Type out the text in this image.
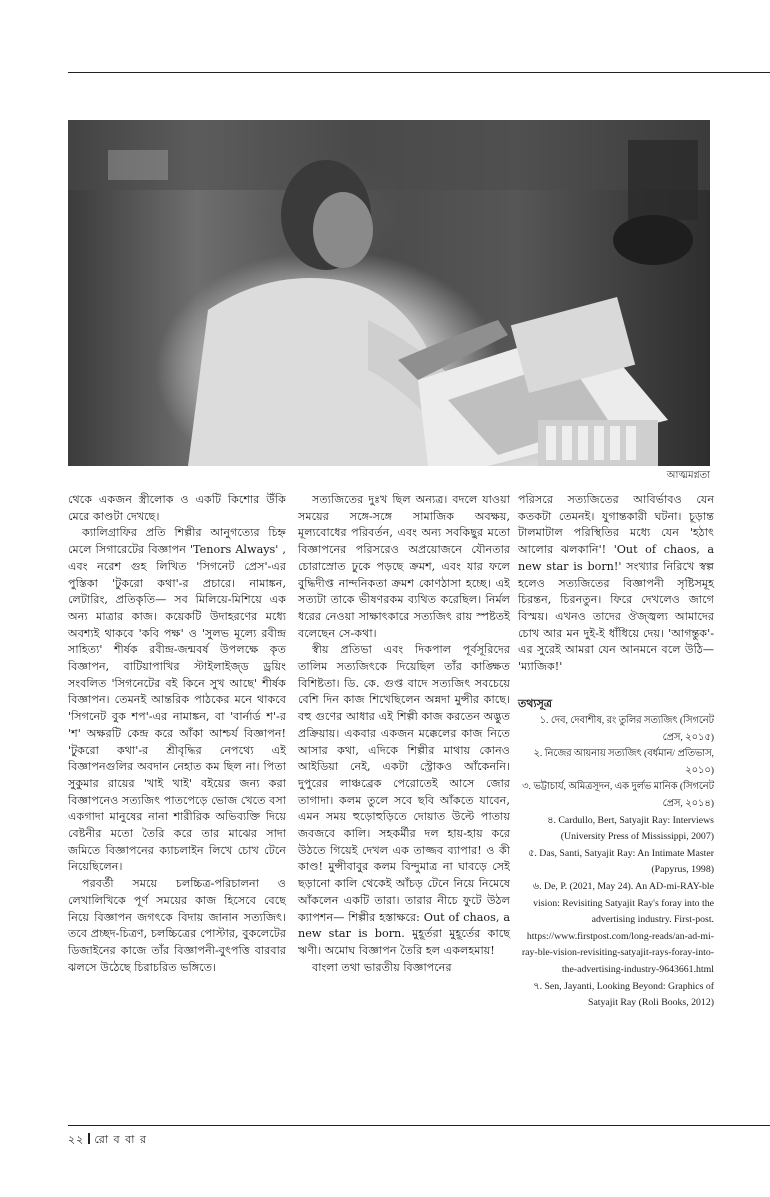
আত্মমগ্নতা

থেকে একজন স্ত্রীলোক ও একটি কিশোর উঁকি মেরে কাণ্ডটা দেখছে।

ক্যালিগ্রাফির প্রতি শিল্পীর আনুগত্যের চিহ্ন মেলে সিগারেটের বিজ্ঞাপন 'Tenors Always' , এবং নরেশ গুহ লিখিত 'সিগনেট প্রেস'-এর পুস্তিকা 'টুকরো কথা'-র প্রচারে। নামাঙ্কন, লেটারিং, প্রতিকৃতি— সব মিলিয়ে-মিশিয়ে এক অন্য মাত্রার কাজ। কয়েকটি উদাহরণের মধ্যে অবশ্যই থাকবে 'কবি পক্ষ' ও 'সুলভ মূল্যে রবীন্দ্র সাহিত্য' শীর্ষক রবীন্দ্র-জন্মবর্ষ উপলক্ষে কৃত বিজ্ঞাপন, বাটিয়াপাখির স্টাইলাইজ্‌ড ড্রয়িং সংবলিত 'সিগনেটের বই কিনে সুখ আছে' শীর্ষক বিজ্ঞাপন। তেমনই আন্তরিক পাঠকের মনে থাকবে 'সিগনেট বুক শপ'-এর নামাঙ্কন, বা 'বার্নার্ড শ'-র 'শ' অক্ষরটি কেন্দ্র করে আঁকা আশ্চর্য বিজ্ঞাপন! 'টুকরো কথা'-র শ্রীবৃদ্ধির নেপথ্যে এই বিজ্ঞাপনগুলির অবদান নেহাত কম ছিল না। পিতা সুকুমার রায়ের 'খাই খাই' বইয়ের জন্য করা বিজ্ঞাপনেও সত্যজিৎ পাতপেড়ে ভোজ খেতে বসা একগাদা মানুষের নানা শারীরিক অভিব্যক্তি দিয়ে বেষ্টনীর মতো তৈরি করে তার মাঝের সাদা জমিতে বিজ্ঞাপনের ক্যাচলাইন লিখে চোখ টেনে নিয়েছিলেন।

পরবর্তী সময়ে চলচ্চিত্র-পরিচালনা ও লেখালিখিকে পূর্ণ সময়ের কাজ হিসেবে বেছে নিয়ে বিজ্ঞাপন জগৎকে বিদায় জানান সত্যজিৎ। তবে প্রচ্ছদ-চিত্রণ, চলচ্চিত্রের পোস্টার, বুকলেটের ডিজাইনের কাজে তাঁর বিজ্ঞাপনী-বুৎপত্তি বারবার ঝলসে উঠেছে চিরাচরিত ভঙ্গিতে।

সত্যজিতের দুঃখ ছিল অন্যত্র। বদলে যাওয়া সময়ের সঙ্গে-সঙ্গে সামাজিক অবক্ষয়, মূল্যবোধের পরিবর্তন, এবং অন্য সবকিছুর মতো বিজ্ঞাপনের পরিসরেও অপ্রয়োজনে যৌনতার চোরাস্রোত ঢুকে পড়ছে ক্রমশ, এবং যার ফলে বুদ্ধিদীপ্ত নান্দনিকতা ক্রমশ কোণঠাসা হচ্ছে। এই সত্যটা তাকে ভীষণরকম ব্যথিত করেছিল। নির্মল ধরের নেওয়া সাক্ষাৎকারে সত্যজিৎ রায় স্পষ্টতই বলেছেন সে-কথা।

স্বীয় প্রতিভা এবং দিকপাল পূর্বসূরিদের তালিম সত্যজিৎকে দিয়েছিল তাঁর কাঙ্ক্ষিত বিশিষ্টতা। ডি. কে. গুপ্ত বাদে সত্যজিৎ সবচেয়ে বেশি দিন কাজ শিখেছিলেন অন্নদা মুন্সীর কাছে। বহু গুণের আধার এই শিল্পী কাজ করতেন অদ্ভুত প্রক্রিয়ায়। একবার একজন মক্কেলের কাজ নিতে আসার কথা, এদিকে শিল্পীর মাথায় কোনও আইডিয়া নেই, একটা স্ট্রোকও আঁকেননি। দুপুরের লাঞ্চব্রেক পেরোতেই আসে জোর তাগাদা। কলম তুলে সবে ছবি আঁকতে যাবেন, এমন সময় হুড়োহুড়িতে দোয়াত উল্টে পাতায় জবজবে কালি। সহকর্মীর দল হায়-হায় করে উঠতে গিয়েই দেখল এক তাজ্জব ব্যাপার! ও কী কাণ্ড! মুন্সীবাবুর কলম বিন্দুমাত্র না ঘাবড়ে সেই ছড়ানো কালি থেকেই আঁচড় টেনে নিয়ে নিমেষে আঁকলেন একটি তারা। তারার নীচে ফুটে উঠল ক্যাপশন— শিল্পীর হস্তাক্ষরে: Out of chaos, a new star is born. মুহূর্তরা মুহূর্তের কাছে ঋণী। অমোঘ বিজ্ঞাপন তৈরি হল একলহমায়!

বাংলা তথা ভারতীয় বিজ্ঞাপনের

পরিসরে সত্যজিতের আবির্ভাবও যেন কতকটা তেমনই। যুগান্তকারী ঘটনা। চূড়ান্ত টালমাটাল পরিস্থিতির মধ্যে যেন 'হঠাৎ আলোর ঝলকানি'! 'Out of chaos, a new star is born!' সংখ্যার নিরিখে স্বল্প হলেও সত্যজিতের বিজ্ঞাপনী সৃষ্টিসমূহ চিরন্তন, চিরনতুন। ফিরে দেখলেও জাগে বিস্ময়। এখনও তাদের ঔজ্জ্বল্য আমাদের চোখ আর মন দুই-ই ধাঁধিয়ে দেয়। 'আগন্তুক'-এর সুরেই আমরা যেন আনমনে বলে উঠি— 'ম্যাজিক!'

তথ্যসূত্র

১. দেব, দেবাশীষ, রং তুলির সত্যজিৎ (সিগনেট প্রেস, ২০১৫)

২. নিজের আয়নায় সত্যজিৎ (বর্ধমান/ প্রতিভাস, ২০১০)

৩. ভট্টাচার্য, অমিত্রসূদন, এক দুর্লভ মানিক (সিগনেট প্রেস, ২০১৪)

৪. Cardullo, Bert, Satyajit Ray: Interviews (University Press of Mississippi, 2007)

৫. Das, Santi, Satyajit Ray: An Intimate Master (Papyrus, 1998)

৬. De, P. (2021, May 24). An AD-mi-RAY-ble vision: Revisiting Satyajit Ray's foray into the advertising industry. First-post. https://www.firstpost.com/long-reads/an-ad-mi-ray-ble-vision-revisiting-satyajit-rays-foray-into-the-advertising-industry-9643661.html

৭. Sen, Jayanti, Looking Beyond: Graphics of Satyajit Ray (Roli Books, 2012)

২২ রো ব বা র
